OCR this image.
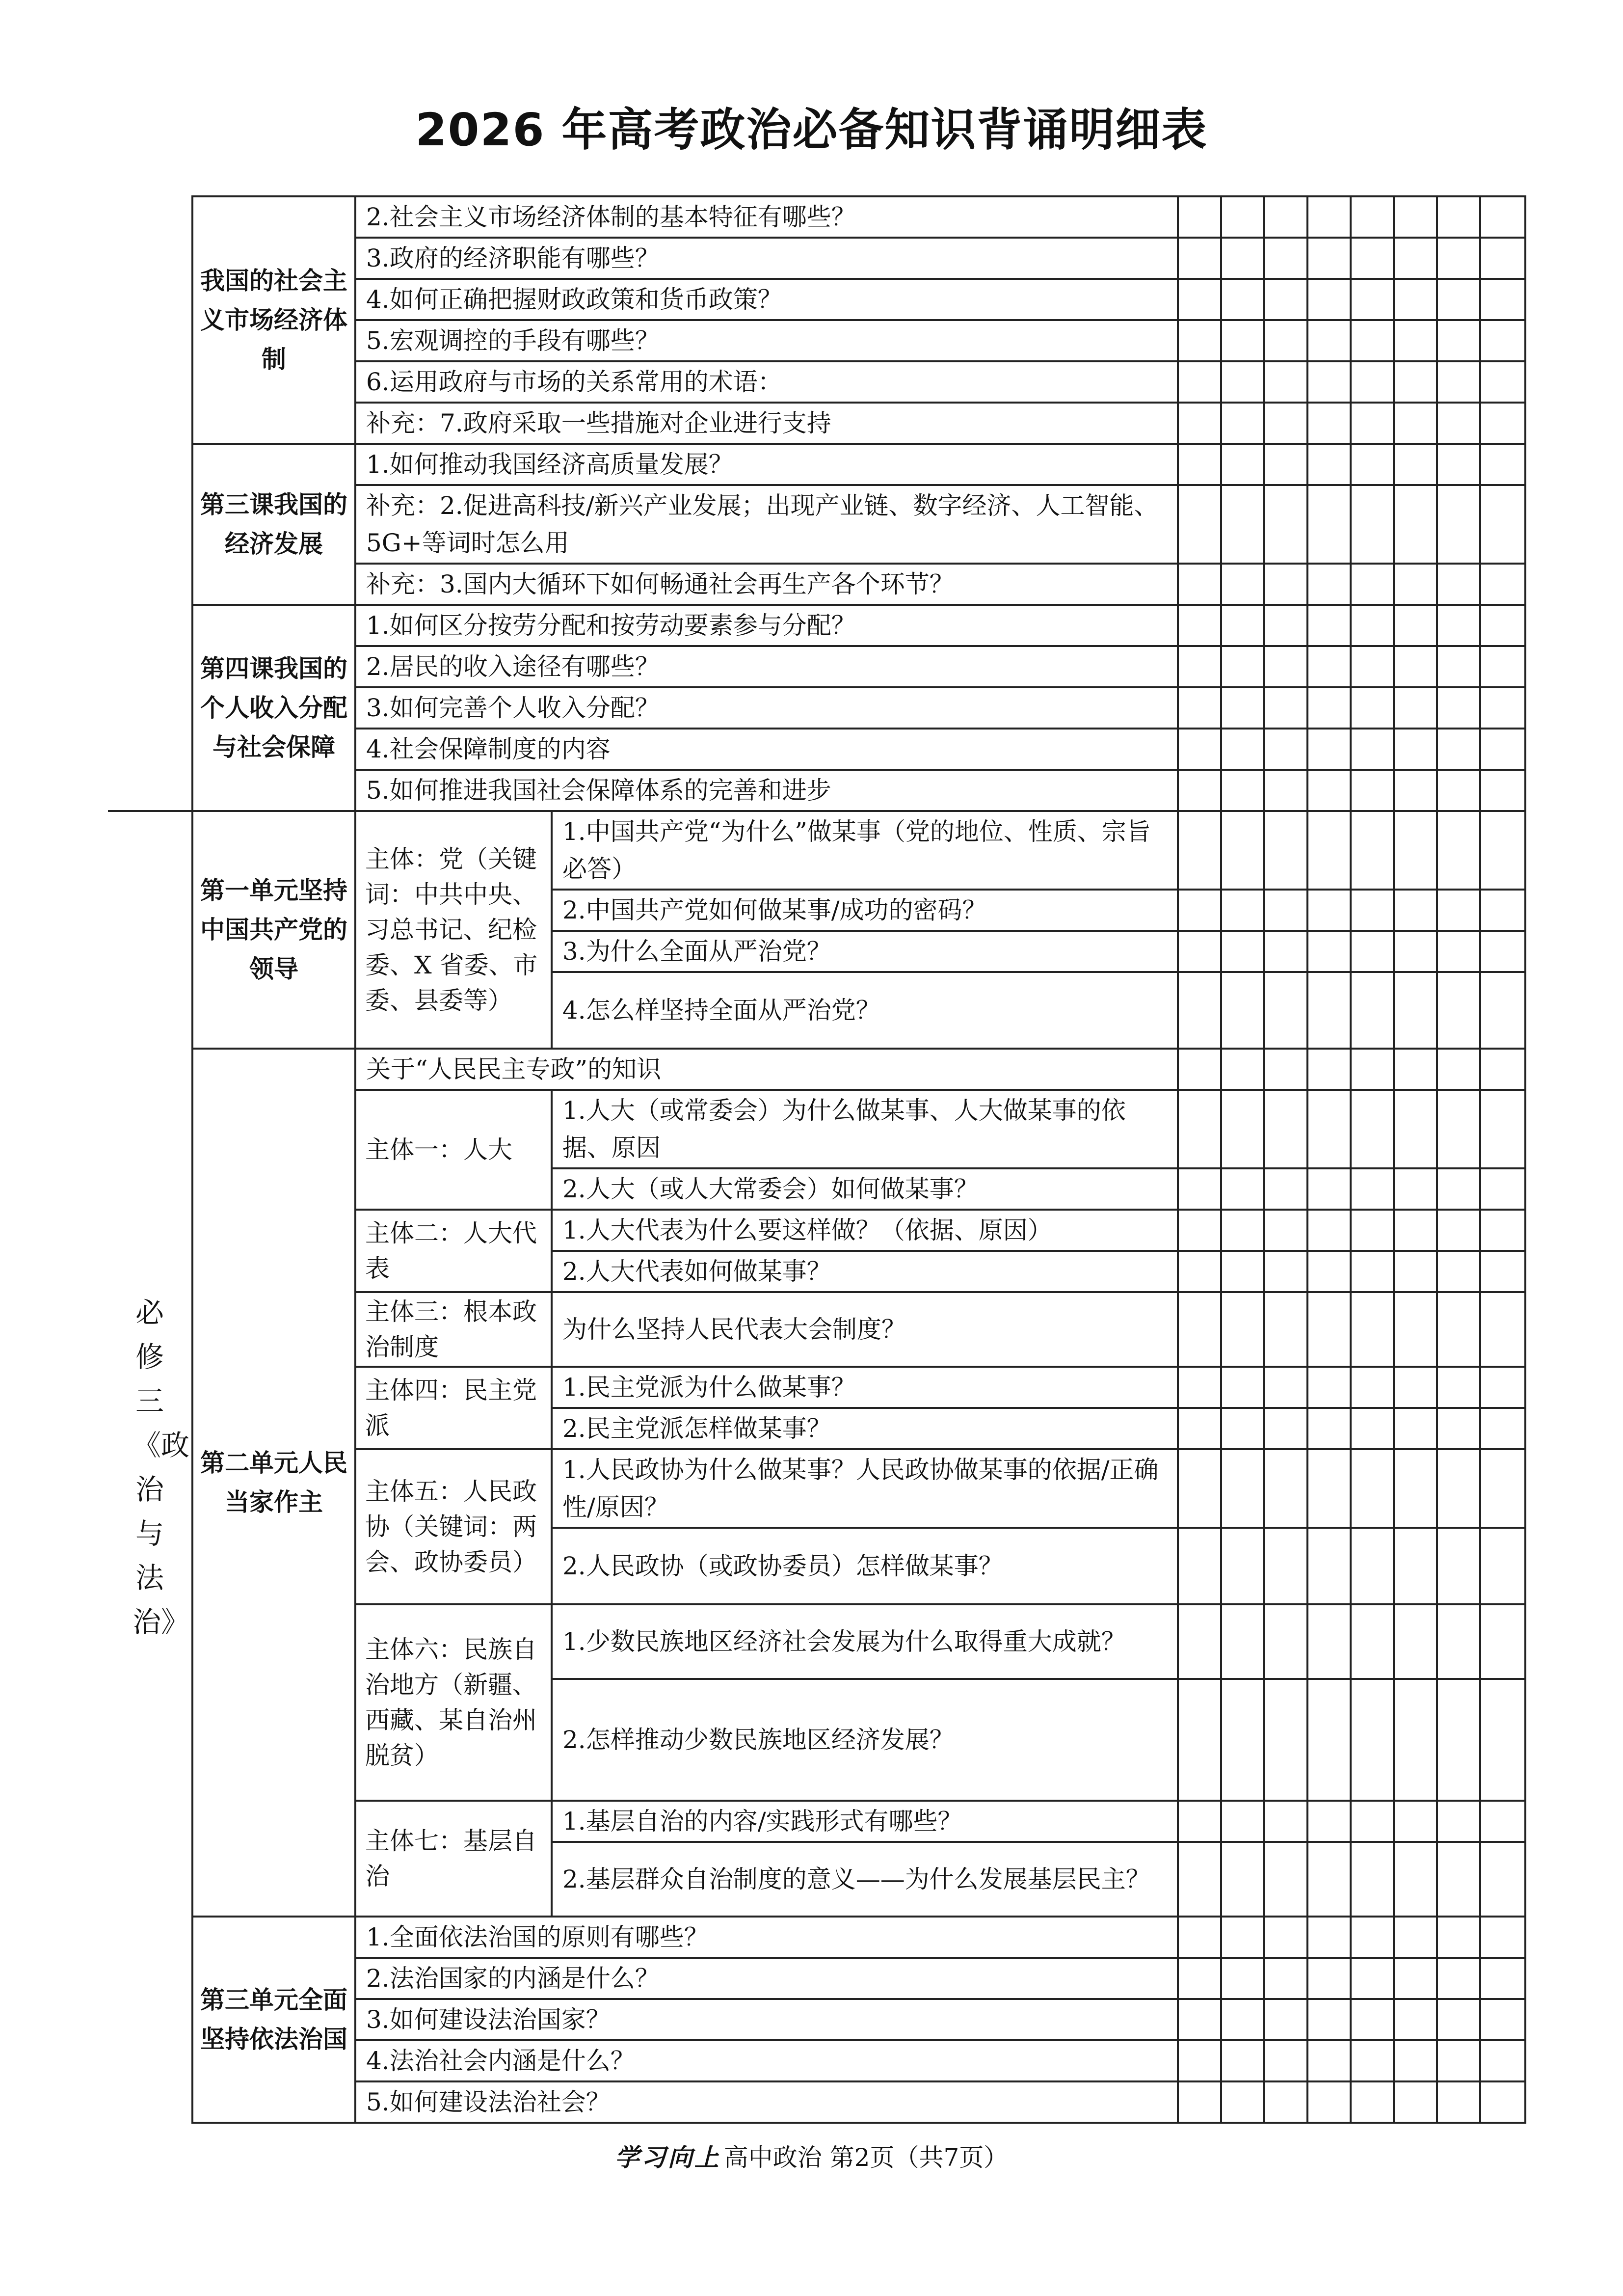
2026 年高考政治必备知识背诵明细表
	我国的社会主义市场经济体制	2.社会主义市场经济体制的基本特征有哪些？									
		3.政府的经济职能有哪些？									
		4.如何正确把握财政政策和货币政策？									
		5.宏观调控的手段有哪些？									
		6.运用政府与市场的关系常用的术语：									
		补充：7.政府采取一些措施对企业进行支持									
	第三课我国的经济发展	1.如何推动我国经济高质量发展？									
		补充：2.促进高科技/新兴产业发展；出现产业链、数字经济、人工智能、5G+等词时怎么用									
		补充：3.国内大循环下如何畅通社会再生产各个环节？									
	第四课我国的个人收入分配与社会保障	1.如何区分按劳分配和按劳动要素参与分配？									
		2.居民的收入途径有哪些？									
		3.如何完善个人收入分配？									
		4.社会保障制度的内容									
		5.如何推进我国社会保障体系的完善和进步									

必修三《政治与法治》	第一单元坚持中国共产党的领导	主体：党（关键词：中共中央、习总书记、纪检委、X 省委、市委、县委等）	1.中国共产党“为什么”做某事（党的地位、性质、宗旨必答）								
			2.中国共产党如何做某事/成功的密码？								
			3.为什么全面从严治党？								
			4.怎么样坚持全面从严治党？								
	第二单元人民当家作主	关于“人民民主专政”的知识									
		主体一：人大	1.人大（或常委会）为什么做某事、人大做某事的依据、原因								
			2.人大（或人大常委会）如何做某事？								
		主体二：人大代表	1.人大代表为什么要这样做？（依据、原因）								
			2.人大代表如何做某事？								
		主体三：根本政治制度	为什么坚持人民代表大会制度？								
		主体四：民主党派	1.民主党派为什么做某事？								
			2.民主党派怎样做某事？								
		主体五：人民政协（关键词：两会、政协委员）	1.人民政协为什么做某事？人民政协做某事的依据/正确性/原因？								
			2.人民政协（或政协委员）怎样做某事？								
		主体六：民族自治地方（新疆、西藏、某自治州脱贫）	1.少数民族地区经济社会发展为什么取得重大成就？								
			2.怎样推动少数民族地区经济发展？								
		主体七：基层自治	1.基层自治的内容/实践形式有哪些？								
			2.基层群众自治制度的意义——为什么发展基层民主？								
	第三单元全面坚持依法治国	1.全面依法治国的原则有哪些？									
		2.法治国家的内涵是什么？									
		3.如何建设法治国家？									
		4.法治社会内涵是什么？									
		5.如何建设法治社会？									
学习向上 高中政治 第2页（共7页）
